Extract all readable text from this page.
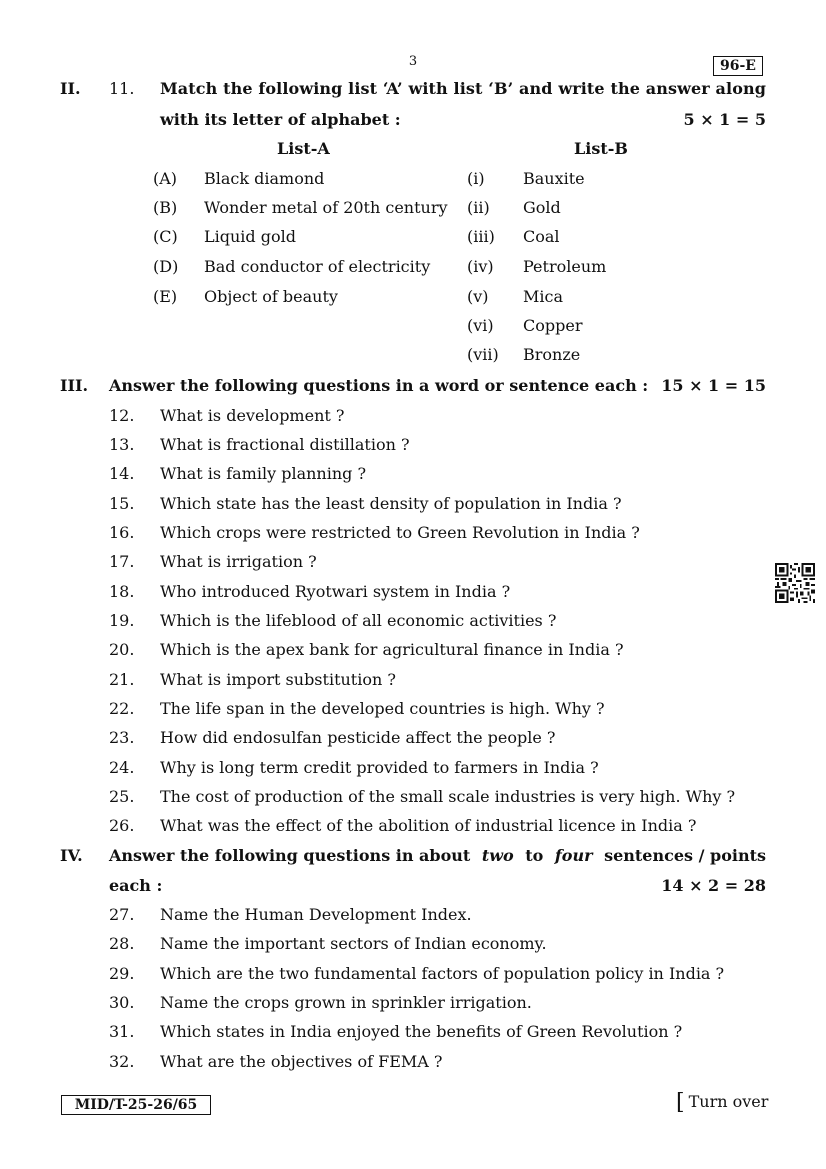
3	96-E
II. 11. Match the following list ‘A’ with list ‘B’ and write the answer along
with its letter of alphabet :	5 × 1 = 5
List-A	List-B
(A) Black diamond
(B) Wonder metal of 20th century
(C) Liquid gold
(D) Bad conductor of electricity
(E) Object of beauty
(i) Bauxite
(ii) Gold
(iii) Coal
(iv) Petroleum
(v) Mica
(vi) Copper
(vii) Bronze
III. Answer the following questions in a word or sentence each : 15 × 1 = 15
12. What is development ?
13. What is fractional distillation ?
14. What is family planning ?
15. Which state has the least density of population in India ?
16. Which crops were restricted to Green Revolution in India ?
17. What is irrigation ?
18. Who introduced Ryotwari system in India ?
19. Which is the lifeblood of all economic activities ?
20. Which is the apex bank for agricultural finance in India ?
21. What is import substitution ?
22. The life span in the developed countries is high. Why ?
23. How did endosulfan pesticide affect the people ?
24. Why is long term credit provided to farmers in India ?
25. The cost of production of the small scale industries is very high. Why ?
26. What was the effect of the abolition of industrial licence in India ?
IV. Answer the following questions in about two to four sentences / points
each :	14 × 2 = 28
27. Name the Human Development Index.
28. Name the important sectors of Indian economy.
29. Which are the two fundamental factors of population policy in India ?
30. Name the crops grown in sprinkler irrigation.
31. Which states in India enjoyed the benefits of Green Revolution ?
32. What are the objectives of FEMA ?
MID/T-25-26/65	[ Turn over
